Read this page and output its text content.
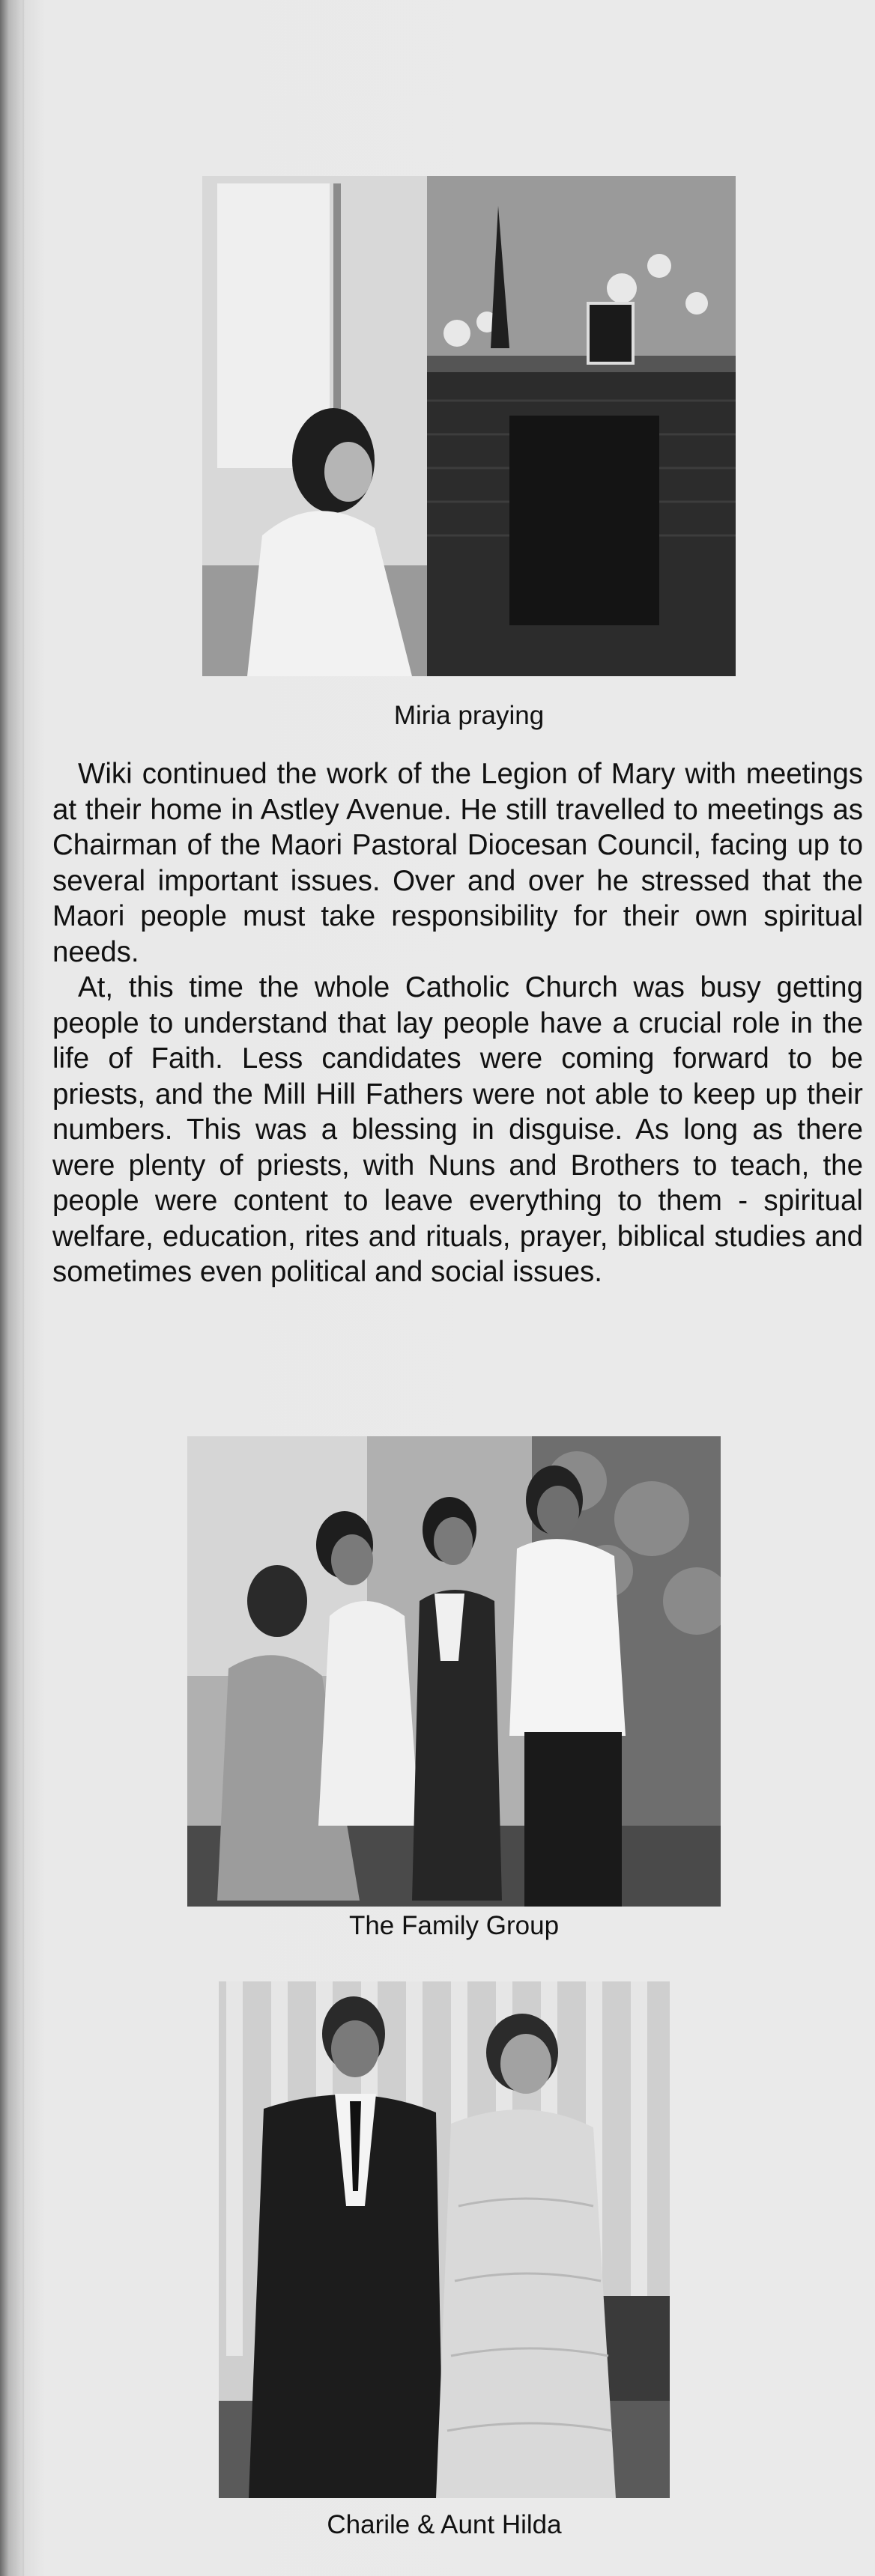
Miria praying

Wiki continued the work of the Legion of Mary with meetings at their home in Astley Avenue. He still travelled to meetings as Chairman of the Maori Pastoral Diocesan Council, facing up to several important issues. Over and over he stressed that the Maori people must take responsibility for their own spiritual needs.

At, this time the whole Catholic Church was busy getting people to understand that lay people have a crucial role in the life of Faith. Less candidates were coming forward to be priests, and the Mill Hill Fathers were not able to keep up their numbers. This was a blessing in disguise. As long as there were plenty of priests, with Nuns and Brothers to teach, the people were content to leave everything to them - spiritual welfare, education, rites and rituals, prayer, biblical studies and sometimes even political and social issues.

The Family Group
Charile & Aunt Hilda
